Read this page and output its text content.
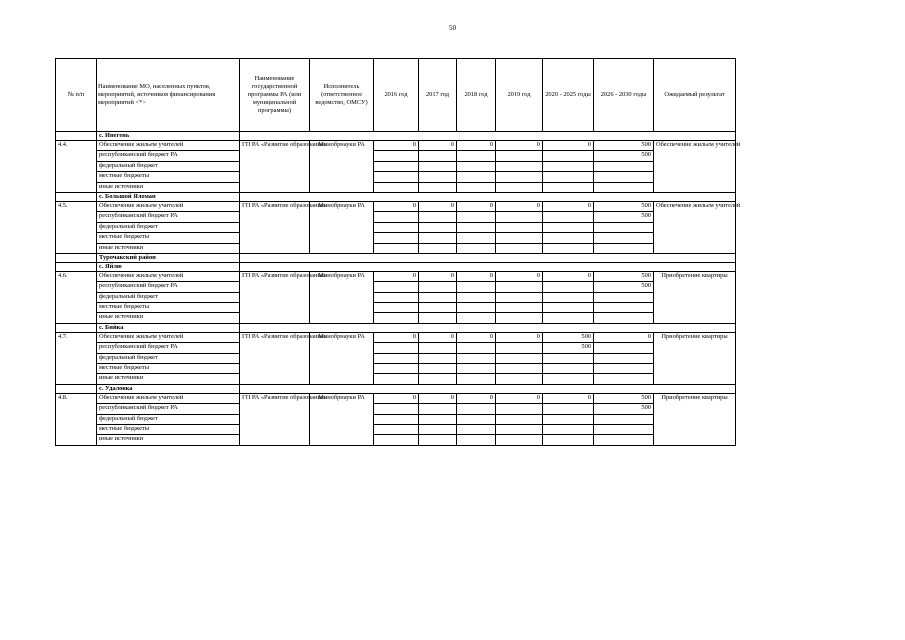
50
№ п/п	Наименование МО, населенных пунктов, мероприятий, источников финансирования мероприятий <*>	Наименование государственной программы РА (или муниципальной программы)	Исполнитель (ответственное ведомство, ОМСУ)	2016 год	2017 год	2018 год	2019 год	2020 - 2025 годы	2026 - 2030 годы	Ожидаемый результат
	с. Инегень									
4.4.	Обеспечение жильем учителей	ГП РА «Развитие образования»	Минобрнауки РА	0	0	0	0	0	500	Обеспечение жильем учителей
	республиканский бюджет РА								500	
	федеральный бюджет									
	местные бюджеты									
	иные источники									
	с. Большой Яломан									
4.5.	Обеспечение жильем учителей	ГП РА «Развитие образования»	Минобрнауки РА	0	0	0	0	0	500	Обеспечение жильем учителей
	республиканский бюджет РА								500	
	федеральный бюджет									
	местные бюджеты									
	иные источники									
	Турочакский район									
	с. Яйлю									
4.6.	Обеспечение жильем учителей	ГП РА «Развитие образования»	Минобрнауки РА	0	0	0	0	0	500	Приобретение квартиры
	республиканский бюджет РА								500	
	федеральный бюджет									
	местные бюджеты									
	иные источники									
	с. Бийка									
4.7.	Обеспечение жильем учителей	ГП РА «Развитие образования»	Минобрнауки РА	0	0	0	0	500	0	Приобретение квартиры
	республиканский бюджет РА							500		
	федеральный бюджет									
	местные бюджеты									
	иные источники									
	с. Удаловка									
4.8.	Обеспечение жильем учителей	ГП РА «Развитие образования»	Минобрнауки РА	0	0	0	0	0	500	Приобретение квартиры
	республиканский бюджет РА								500	
	федеральный бюджет									
	местные бюджеты									
	иные источники									
